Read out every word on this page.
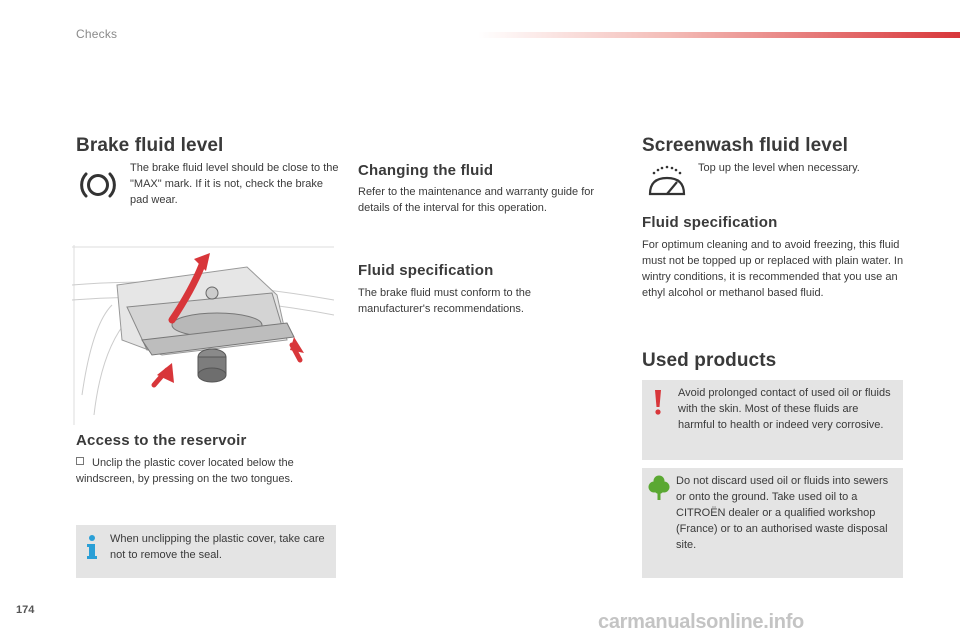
Checks
Brake fluid level
The brake fluid level should be close to the "MAX" mark. If it is not, check the brake pad wear.
Access to the reservoir
Unclip the plastic cover located below the windscreen, by pressing on the two tongues.
When unclipping the plastic cover, take care not to remove the seal.
Changing the fluid
Refer to the maintenance and warranty guide for details of the interval for this operation.
Fluid specification
The brake fluid must conform to the manufacturer's recommendations.
Screenwash fluid level
Top up the level when necessary.
Fluid specification
For optimum cleaning and to avoid freezing, this fluid must not be topped up or replaced with plain water. In wintry conditions, it is recommended that you use an ethyl alcohol or methanol based fluid.
Used products
Avoid prolonged contact of used oil or fluids with the skin. Most of these fluids are harmful to health or indeed very corrosive.
Do not discard used oil or fluids into sewers or onto the ground. Take used oil to a CITROËN dealer or a qualified workshop (France) or to an authorised waste disposal site.
174
carmanualsonline.info
